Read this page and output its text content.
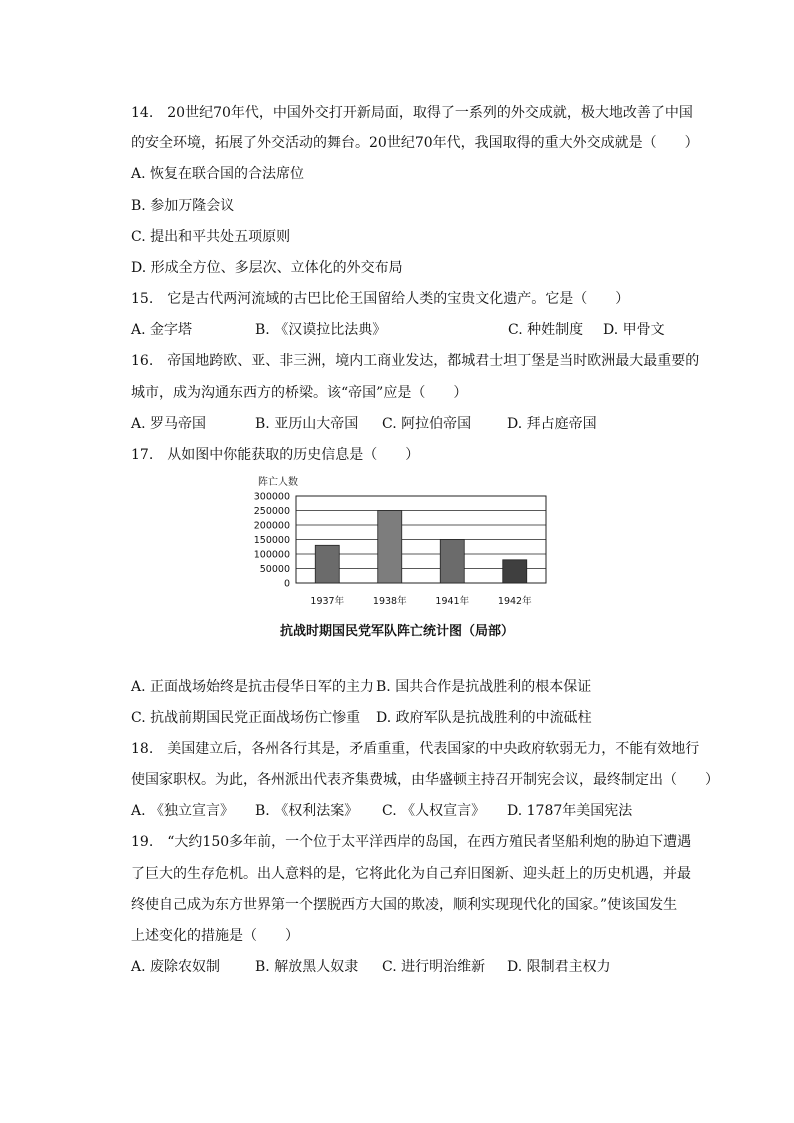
14.　20世纪70年代，中国外交打开新局面，取得了一系列的外交成就，极大地改善了中国
的安全环境，拓展了外交活动的舞台。20世纪70年代，我国取得的重大外交成就是（　　）
A. 恢复在联合国的合法席位
B. 参加万隆会议
C. 提出和平共处五项原则
D. 形成全方位、多层次、立体化的外交布局
15.　它是古代两河流域的古巴比伦王国留给人类的宝贵文化遗产。它是（　　）
A. 金字塔	B. 《汉谟拉比法典》	C. 种姓制度 D. 甲骨文
16.　帝国地跨欧、亚、非三洲，境内工商业发达，都城君士坦丁堡是当时欧洲最大最重要的
城市，成为沟通东西方的桥梁。该“帝国”应是（　　）
A. 罗马帝国	B. 亚历山大帝国 C. 阿拉伯帝国	D. 拜占庭帝国
17.　从如图中你能获取的历史信息是（　　）
阵亡人数
0
50000
100000
150000
200000
250000
300000
1937年	1938年	1941年	1942年
抗战时期国民党军队阵亡统计图（局部）
A. 正面战场始终是抗击侵华日军的主力 B. 国共合作是抗战胜利的根本保证
C. 抗战前期国民党正面战场伤亡惨重 D. 政府军队是抗战胜利的中流砥柱
18.　美国建立后，各州各行其是，矛盾重重，代表国家的中央政府软弱无力，不能有效地行
使国家职权。为此，各州派出代表齐集费城，由华盛顿主持召开制宪会议，最终制定出（　　）
A. 《独立宣言》 B. 《权利法案》 C. 《人权宣言》 D. 1787年美国宪法
19.　“大约150多年前，一个位于太平洋西岸的岛国，在西方殖民者坚船利炮的胁迫下遭遇
了巨大的生存危机。出人意料的是，它将此化为自己弃旧图新、迎头赶上的历史机遇，并最
终使自己成为东方世界第一个摆脱西方大国的欺凌，顺利实现现代化的国家。”使该国发生
上述变化的措施是（　　）
A. 废除农奴制 B. 解放黑人奴隶 C. 进行明治维新 D. 限制君主权力
